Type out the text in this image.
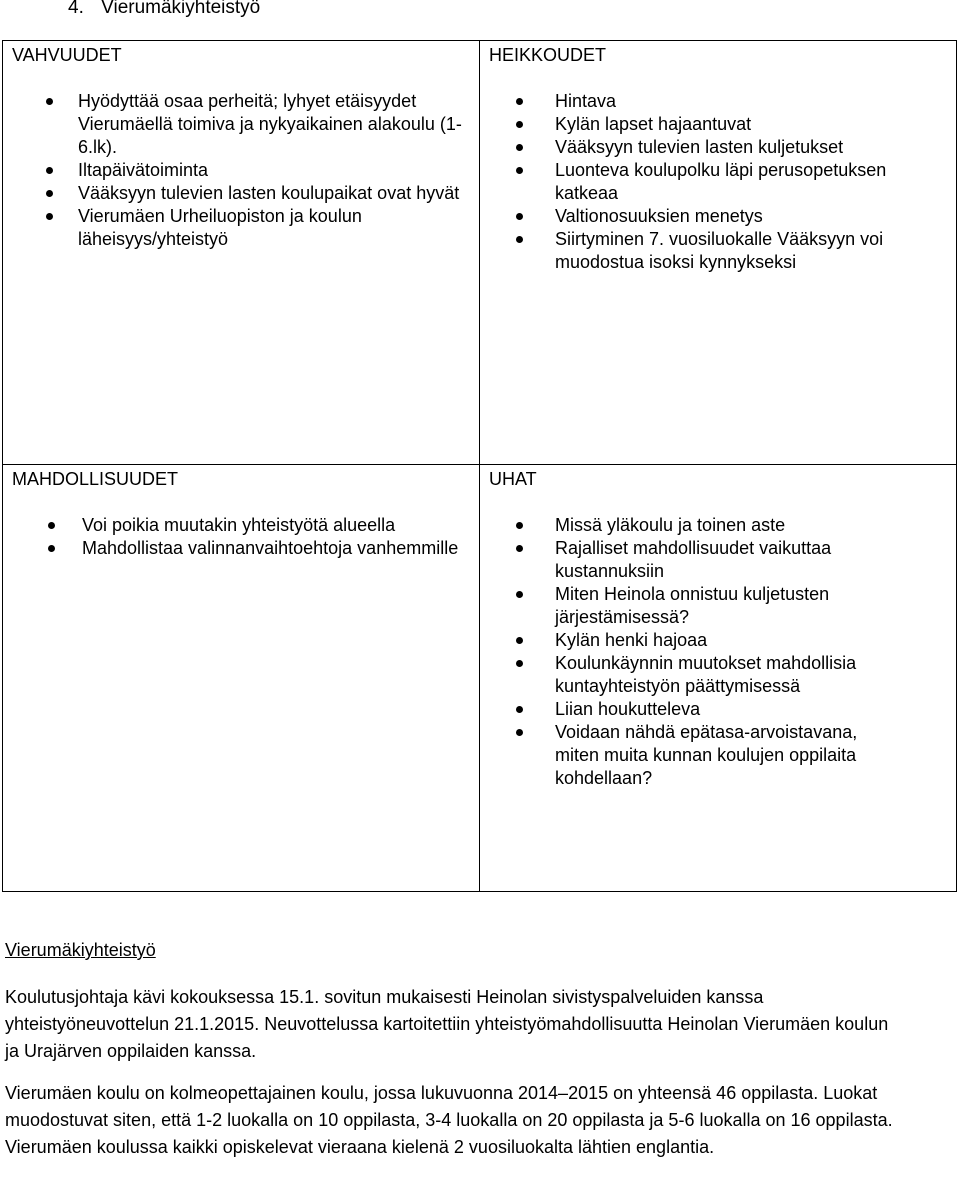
4. Vierumäkiyhteistyö
VAHVUUDET
Hyödyttää osaa perheitä; lyhyet etäisyydet Vierumäellä toimiva ja nykyaikainen alakoulu (1-6.lk).
Iltapäivätoiminta
Vääksyyn tulevien lasten koulupaikat ovat hyvät
Vierumäen Urheiluopiston ja koulun läheisyys/yhteistyö
HEIKKOUDET
Hintava
Kylän lapset hajaantuvat
Vääksyyn tulevien lasten kuljetukset
Luonteva koulupolku läpi perusopetuksen katkeaa
Valtionosuuksien menetys
Siirtyminen 7. vuosiluokalle Vääksyyn voi muodostua isoksi kynnykseksi
MAHDOLLISUUDET
Voi poikia muutakin yhteistyötä alueella
Mahdollistaa valinnanvaihtoehtoja vanhemmille
UHAT
Missä yläkoulu ja toinen aste
Rajalliset mahdollisuudet vaikuttaa kustannuksiin
Miten Heinola onnistuu kuljetusten järjestämisessä?
Kylän henki hajoaa
Koulunkäynnin muutokset mahdollisia kuntayhteistyön päättymisessä
Liian houkutteleva
Voidaan nähdä epätasa-arvoistavana, miten muita kunnan koulujen oppilaita kohdellaan?
Vierumäkiyhteistyö

Koulutusjohtaja kävi kokouksessa 15.1. sovitun mukaisesti Heinolan sivistyspalveluiden kanssa yhteistyöneuvottelun 21.1.2015. Neuvottelussa kartoitettiin yhteistyömahdollisuutta Heinolan Vierumäen koulun ja Urajärven oppilaiden kanssa.

Vierumäen koulu on kolmeopettajainen koulu, jossa lukuvuonna 2014–2015 on yhteensä 46 oppilasta. Luokat muodostuvat siten, että 1-2 luokalla on 10 oppilasta, 3-4 luokalla on 20 oppilasta ja 5-6 luokalla on 16 oppilasta. Vierumäen koulussa kaikki opiskelevat vieraana kielenä 2 vuosiluokalta lähtien englantia.
